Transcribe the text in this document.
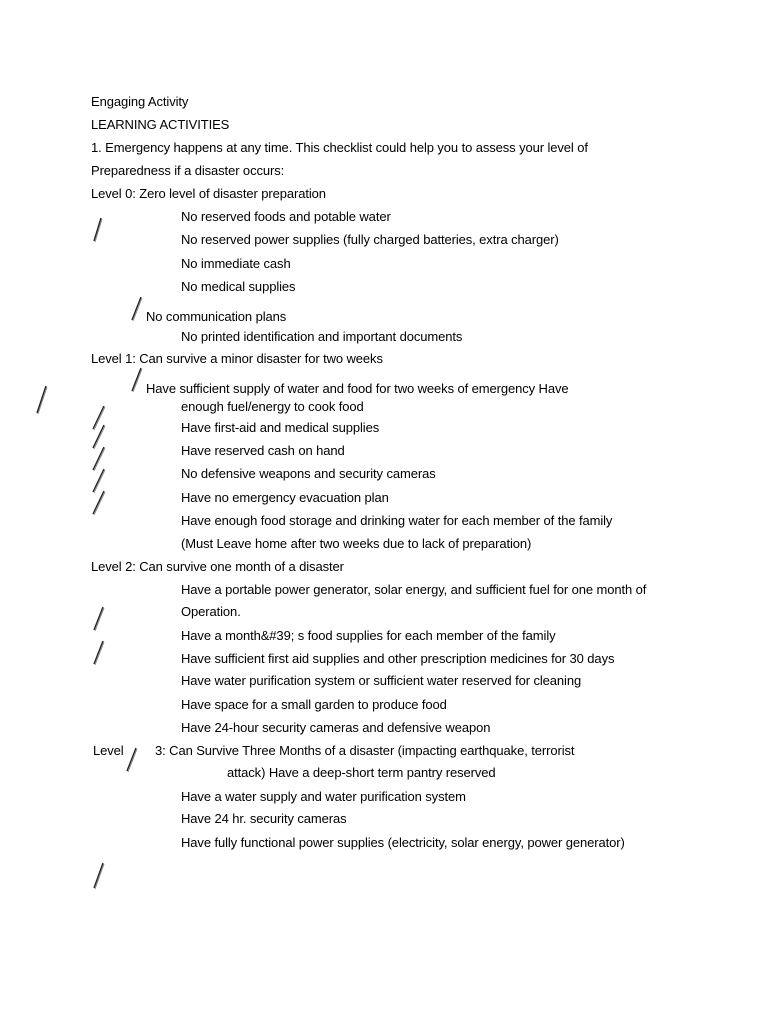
Engaging Activity
LEARNING ACTIVITIES
1. Emergency happens at any time. This checklist could help you to assess your level of
Preparedness if a disaster occurs:
Level 0: Zero level of disaster preparation
No reserved foods and potable water
No reserved power supplies (fully charged batteries, extra charger)
No immediate cash
No medical supplies
No communication plans
No printed identification and important documents
Level 1: Can survive a minor disaster for two weeks
Have sufficient supply of water and food for two weeks of emergency Have
enough fuel/energy to cook food
Have first-aid and medical supplies
Have reserved cash on hand
No defensive weapons and security cameras
Have no emergency evacuation plan
Have enough food storage and drinking water for each member of the family
(Must Leave home after two weeks due to lack of preparation)
Level 2: Can survive one month of a disaster
Have a portable power generator, solar energy, and sufficient fuel for one month of
Operation.
Have a month&#39; s food supplies for each member of the family
Have sufficient first aid supplies and other prescription medicines for 30 days
Have water purification system or sufficient water reserved for cleaning
Have space for a small garden to produce food
Have 24-hour security cameras and defensive weapon
Level 3: Can Survive Three Months of a disaster (impacting earthquake, terrorist
attack) Have a deep-short term pantry reserved
Have a water supply and water purification system
Have 24 hr. security cameras
Have fully functional power supplies (electricity, solar energy, power generator)
